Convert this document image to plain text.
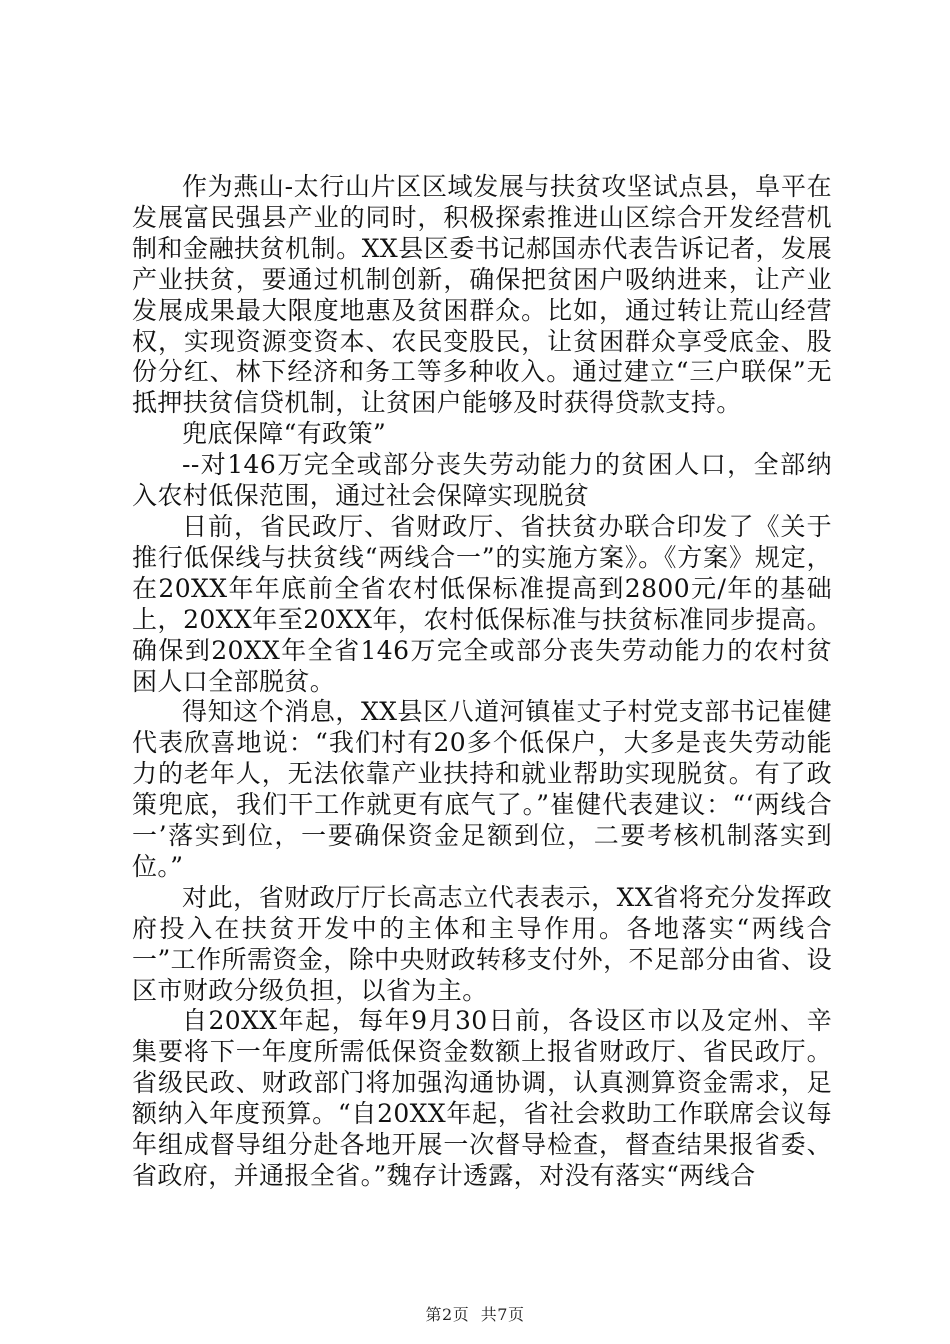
作为燕山-太行山片区区域发展与扶贫攻坚试点县，阜平在发展富民强县产业的同时，积极探索推进山区综合开发经营机制和金融扶贫机制。XX县区委书记郝国赤代表告诉记者，发展产业扶贫，要通过机制创新，确保把贫困户吸纳进来，让产业发展成果最大限度地惠及贫困群众。比如，通过转让荒山经营权，实现资源变资本、农民变股民，让贫困群众享受底金、股份分红、林下经济和务工等多种收入。通过建立“三户联保”无抵押扶贫信贷机制，让贫困户能够及时获得贷款支持。

兜底保障“有政策”

--对146万完全或部分丧失劳动能力的贫困人口，全部纳入农村低保范围，通过社会保障实现脱贫

日前，省民政厅、省财政厅、省扶贫办联合印发了《关于推行低保线与扶贫线“两线合一”的实施方案》。《方案》规定，在20XX年年底前全省农村低保标准提高到2800元/年的基础上，20XX年至20XX年，农村低保标准与扶贫标准同步提高。确保到20XX年全省146万完全或部分丧失劳动能力的农村贫困人口全部脱贫。

得知这个消息，XX县区八道河镇崔丈子村党支部书记崔健代表欣喜地说：“我们村有20多个低保户，大多是丧失劳动能力的老年人，无法依靠产业扶持和就业帮助实现脱贫。有了政策兜底，我们干工作就更有底气了。”崔健代表建议：“‘两线合一’落实到位，一要确保资金足额到位，二要考核机制落实到位。”

对此，省财政厅厅长高志立代表表示，XX省将充分发挥政府投入在扶贫开发中的主体和主导作用。各地落实“两线合一”工作所需资金，除中央财政转移支付外，不足部分由省、设区市财政分级负担，以省为主。

自20XX年起，每年9月30日前，各设区市以及定州、辛集要将下一年度所需低保资金数额上报省财政厅、省民政厅。省级民政、财政部门将加强沟通协调，认真测算资金需求，足额纳入年度预算。“自20XX年起，省社会救助工作联席会议每年组成督导组分赴各地开展一次督导检查，督查结果报省委、省政府，并通报全省。”魏存计透露，对没有落实“两线合

第2页 共7页
